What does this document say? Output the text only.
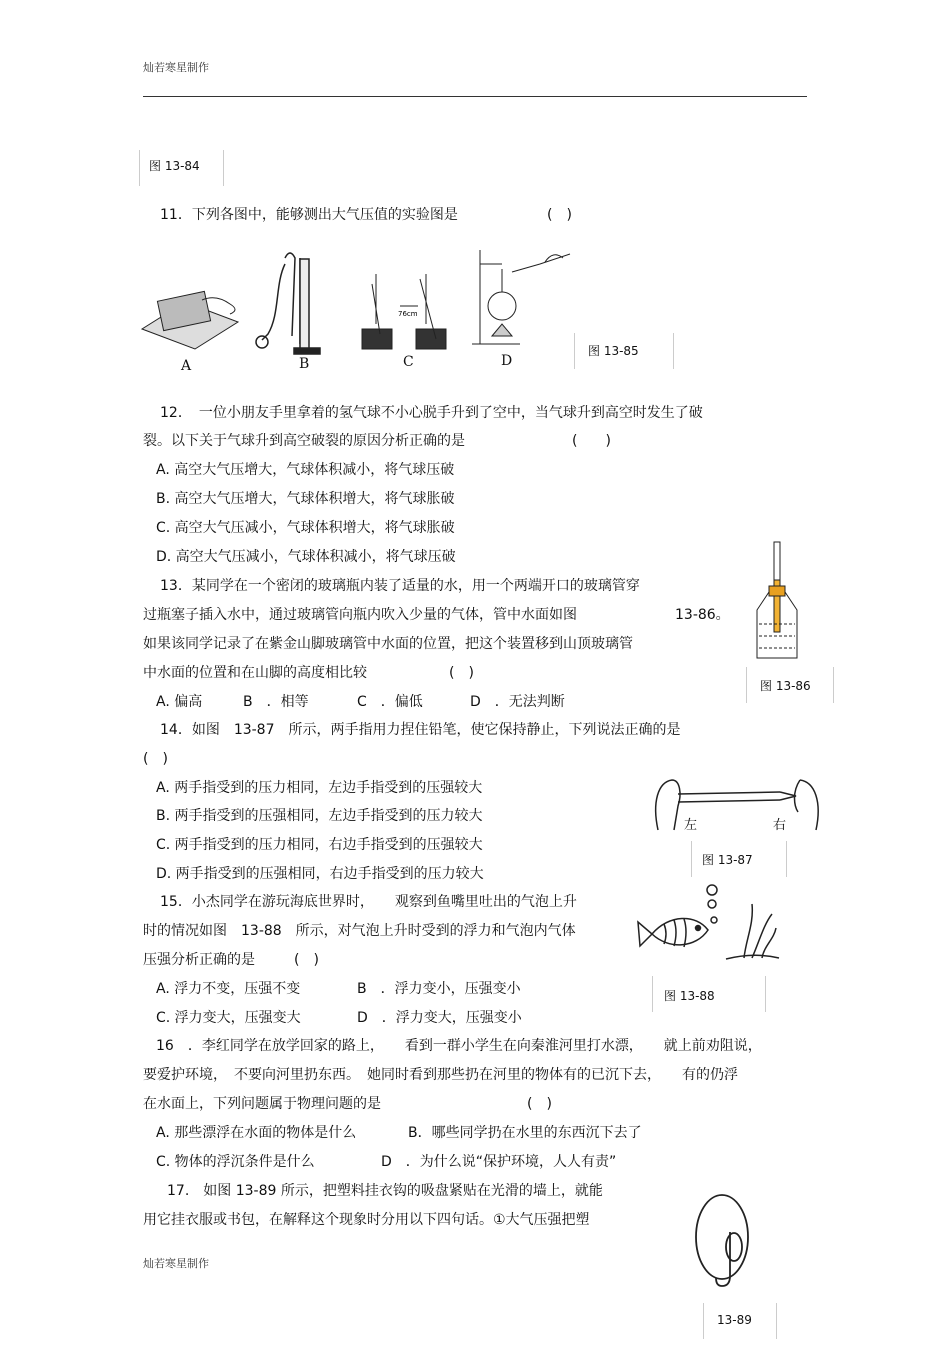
灿若寒星制作
灿若寒星制作
图 13-84
11．下列各图中，能够测出大气压值的实验图是	(　)
76cm
A	B	C	D
图 13-85
12．　一位小朋友手里拿着的氢气球不小心脱手升到了空中，当气球升到高空时发生了破
裂。以下关于气球升到高空破裂的原因分析正确的是	(　　)
A. 高空大气压增大，气球体积减小，将气球压破
B. 高空大气压增大，气球体积增大，将气球胀破
C. 高空大气压减小，气球体积增大，将气球胀破
D. 高空大气压减小，气球体积减小，将气球压破
图 13-86
13．某同学在一个密闭的玻璃瓶内装了适量的水，用一个两端开口的玻璃管穿
过瓶塞子插入水中，通过玻璃管向瓶内吹入少量的气体，管中水面如图	13-86。
如果该同学记录了在紫金山脚玻璃管中水面的位置，把这个装置移到山顶玻璃管
中水面的位置和在山脚的高度相比较	(　)
A. 偏高	B　．相等	C　．偏低	D　．无法判断
14．如图　13-87　所示，两手指用力捏住铅笔，使它保持静止，下列说法正确的是
(　)
A. 两手指受到的压力相同，左边手指受到的压强较大
B. 两手指受到的压强相同，左边手指受到的压力较大
C. 两手指受到的压力相同，右边手指受到的压强较大
D. 两手指受到的压强相同，右边手指受到的压力较大
左	右
图 13-87
15．小杰同学在游玩海底世界时，　　观察到鱼嘴里吐出的气泡上升
时的情况如图　13-88　所示，对气泡上升时受到的浮力和气泡内气体
压强分析正确的是	(　)
A. 浮力不变，压强不变	B　．浮力变小，压强变小
C. 浮力变大，压强变大	D　．浮力变大，压强变小
图 13-88
16　．李红同学在放学回家的路上，　　看到一群小学生在向秦淮河里打水漂，　　就上前劝阻说，
要爱护环境，　不要向河里扔东西。　她同时看到那些扔在河里的物体有的已沉下去，　　有的仍浮
在水面上，下列问题属于物理问题的是	(　)
A. 那些漂浮在水面的物体是什么	B．哪些同学扔在水里的东西沉下去了
C. 物体的浮沉条件是什么	D　．为什么说“保护环境，人人有责”
17.　如图 13-89 所示，把塑料挂衣钩的吸盘紧贴在光滑的墙上，就能
用它挂衣服或书包，在解释这个现象时分用以下四句话。①大气压强把塑
13-89
